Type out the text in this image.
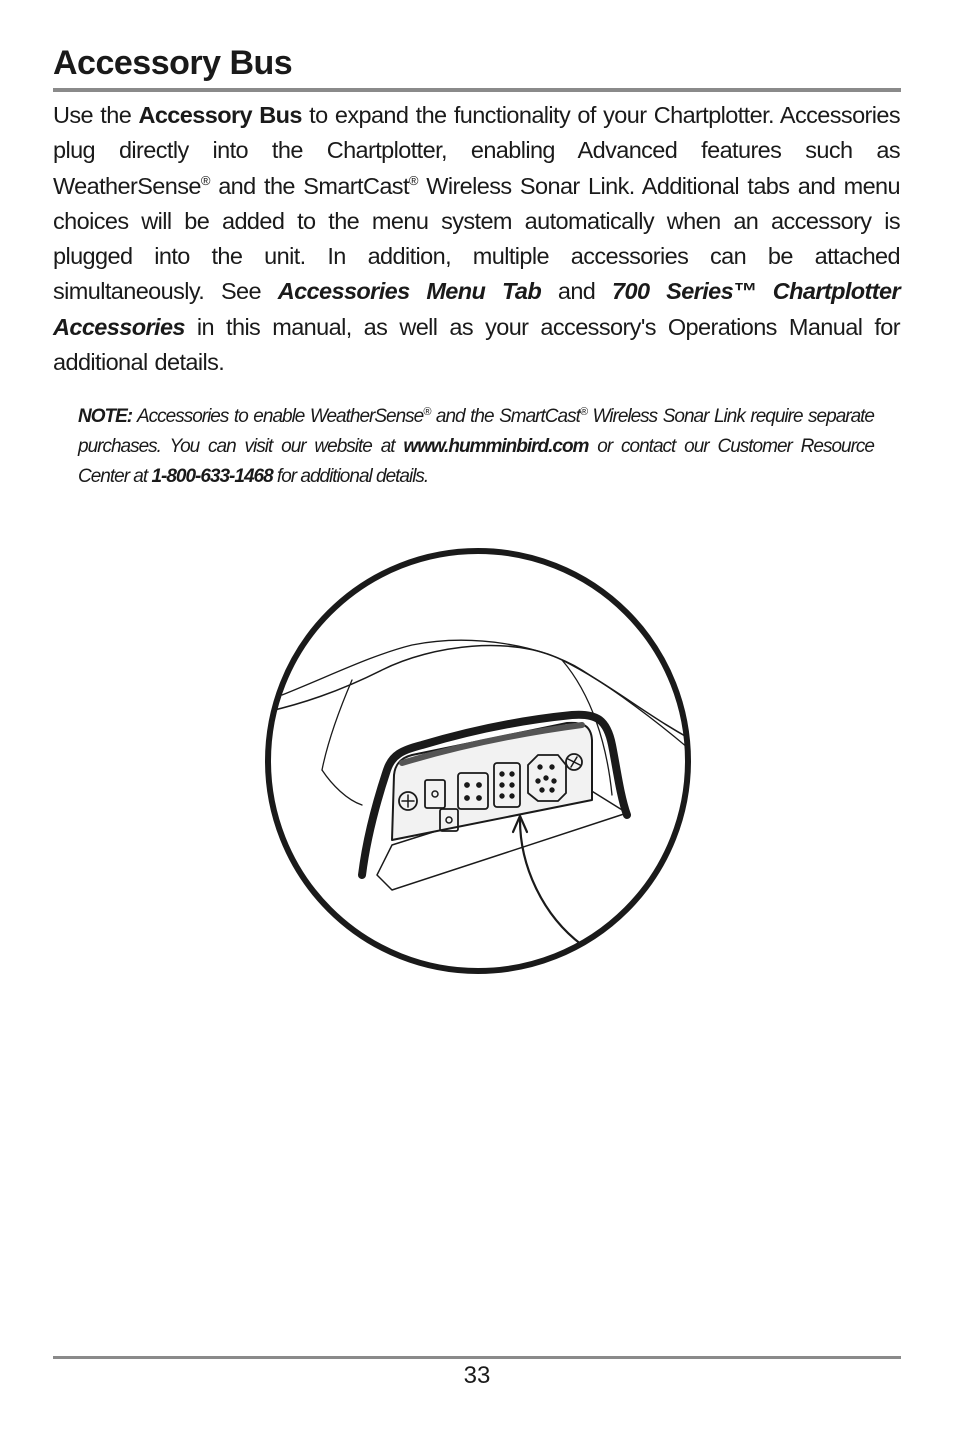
Accessory Bus

Use the Accessory Bus to expand the functionality of your Chartplotter. Accessories plug directly into the Chartplotter, enabling Advanced features such as WeatherSense® and the SmartCast® Wireless Sonar Link. Additional tabs and menu choices will be added to the menu system automatically when an accessory is plugged into the unit. In addition, multiple accessories can be attached simultaneously. See Accessories Menu Tab and 700 Series™ Chartplotter Accessories in this manual, as well as your accessory's Operations Manual for additional details.

NOTE: Accessories to enable WeatherSense® and the SmartCast® Wireless Sonar Link require separate purchases. You can visit our website at www.humminbird.com or contact our Customer Resource Center at 1-800-633-1468 for additional details.

33
